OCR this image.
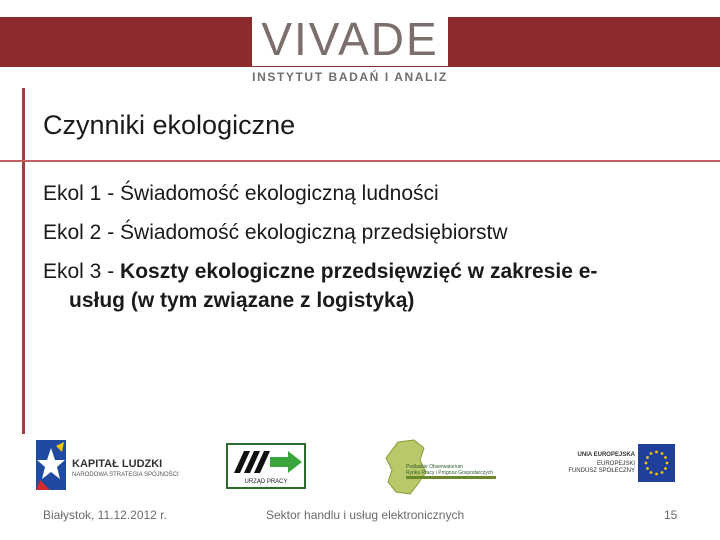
VIVADE
INSTYTUT BADAŃ I ANALIZ
Czynniki ekologiczne
Ekol 1 - Świadomość ekologiczną ludności
Ekol 2 - Świadomość ekologiczną przedsiębiorstw
Ekol 3 - Koszty ekologiczne przedsięwzięć w zakresie e-
usług (w tym związane z logistyką)
KAPITAŁ LUDZKI
NARODOWA STRATEGIA SPÓJNOŚCI
URZĄD PRACY
Podlaskie Obserwatorium
Rynku Pracy i Prognoz Gospodarczych
UNIA EUROPEJSKA
EUROPEJSKI
FUNDUSZ SPOŁECZNY
Białystok, 11.12.2012 r.	Sektor handlu i usług elektronicznych	15
